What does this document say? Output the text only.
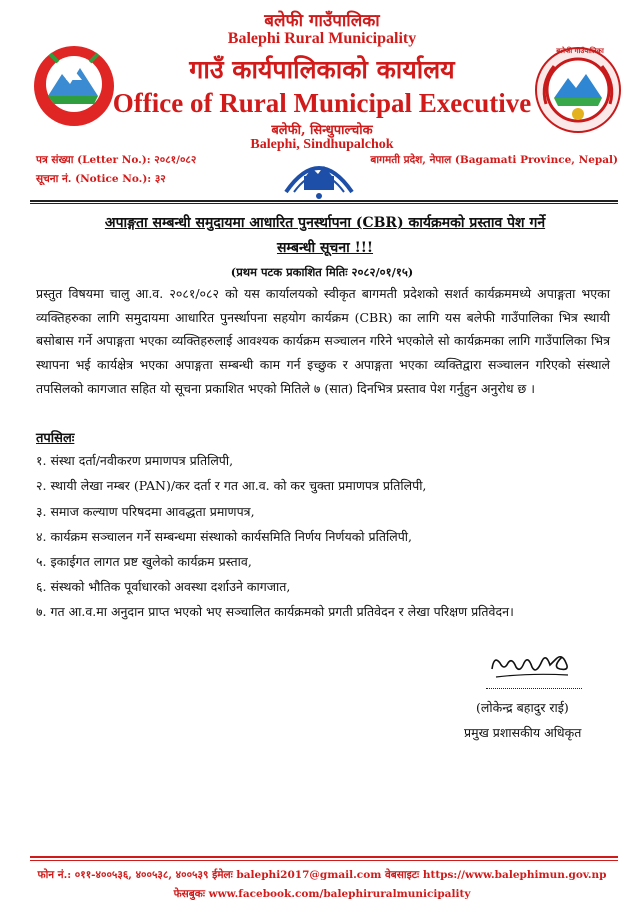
बलेफी गाउँपालिका
Balephi Rural Municipality
गाउँ कार्यपालिकाको कार्यालय
Office of Rural Municipal Executive
बलेफी, सिन्धुपाल्चोक
Balephi, Sindhupalchok
बलेफी गाउँपालिका
पत्र संख्या (Letter No.): २०८१/०८२
सूचना नं. (Notice No.): ३२
बागमती प्रदेश, नेपाल (Bagamati Province, Nepal)
अपाङ्गता सम्बन्धी समुदायमा आधारित पुनर्स्थापना (CBR) कार्यक्रमको प्रस्ताव पेश गर्ने
सम्बन्धी सूचना !!!
(प्रथम पटक प्रकाशित मितिः २०८२/०१/१५)
प्रस्तुत विषयमा चालु आ.व. २०८१/०८२ को यस कार्यालयको स्वीकृत बागमती प्रदेशको सशर्त कार्यक्रममध्ये अपाङ्गता भएका व्यक्तिहरुका लागि समुदायमा आधारित पुनर्स्थापना सहयोग कार्यक्रम (CBR) का लागि यस बलेफी गाउँपालिका भित्र स्थायी बसोबास गर्ने अपाङ्गता भएका व्यक्तिहरुलाई आवश्यक कार्यक्रम सञ्चालन गरिने भएकोले सो कार्यक्रमका लागि गाउँपालिका भित्र स्थापना भई कार्यक्षेत्र भएका अपाङ्गता सम्बन्धी काम गर्न इच्छुक र अपाङ्गता भएका व्यक्तिद्वारा सञ्चालन गरिएको संस्थाले तपसिलको कागजात सहित यो सूचना प्रकाशित भएको मितिले ७ (सात) दिनभित्र प्रस्ताव पेश गर्नुहुन अनुरोध छ ।
तपसिलः
१. संस्था दर्ता/नवीकरण प्रमाणपत्र प्रतिलिपी,
२. स्थायी लेखा नम्बर (PAN)/कर दर्ता र गत आ.व. को कर चुक्ता प्रमाणपत्र प्रतिलिपी,
३. समाज कल्याण परिषदमा आवद्धता प्रमाणपत्र,
४. कार्यक्रम सञ्चालन गर्ने सम्बन्धमा संस्थाको कार्यसमिति निर्णय निर्णयको प्रतिलिपी,
५. इकाईगत लागत प्रष्ट खुलेको कार्यक्रम प्रस्ताव,
६. संस्थको भौतिक पूर्वाधारको अवस्था दर्शाउने कागजात,
७. गत आ.व.मा अनुदान प्राप्त भएको भए सञ्चालित कार्यक्रमको प्रगती प्रतिवेदन र लेखा परिक्षण प्रतिवेदन।
(लोकेन्द्र बहादुर राई)
प्रमुख प्रशासकीय अधिकृत
फोन नं.: ०११-४००५३६, ४००५३८, ४००५३९ ईमेलः balephi2017@gmail.com वेबसाइटः https://www.balephimun.gov.np
फेसबुकः www.facebook.com/balephiruralmunicipality
